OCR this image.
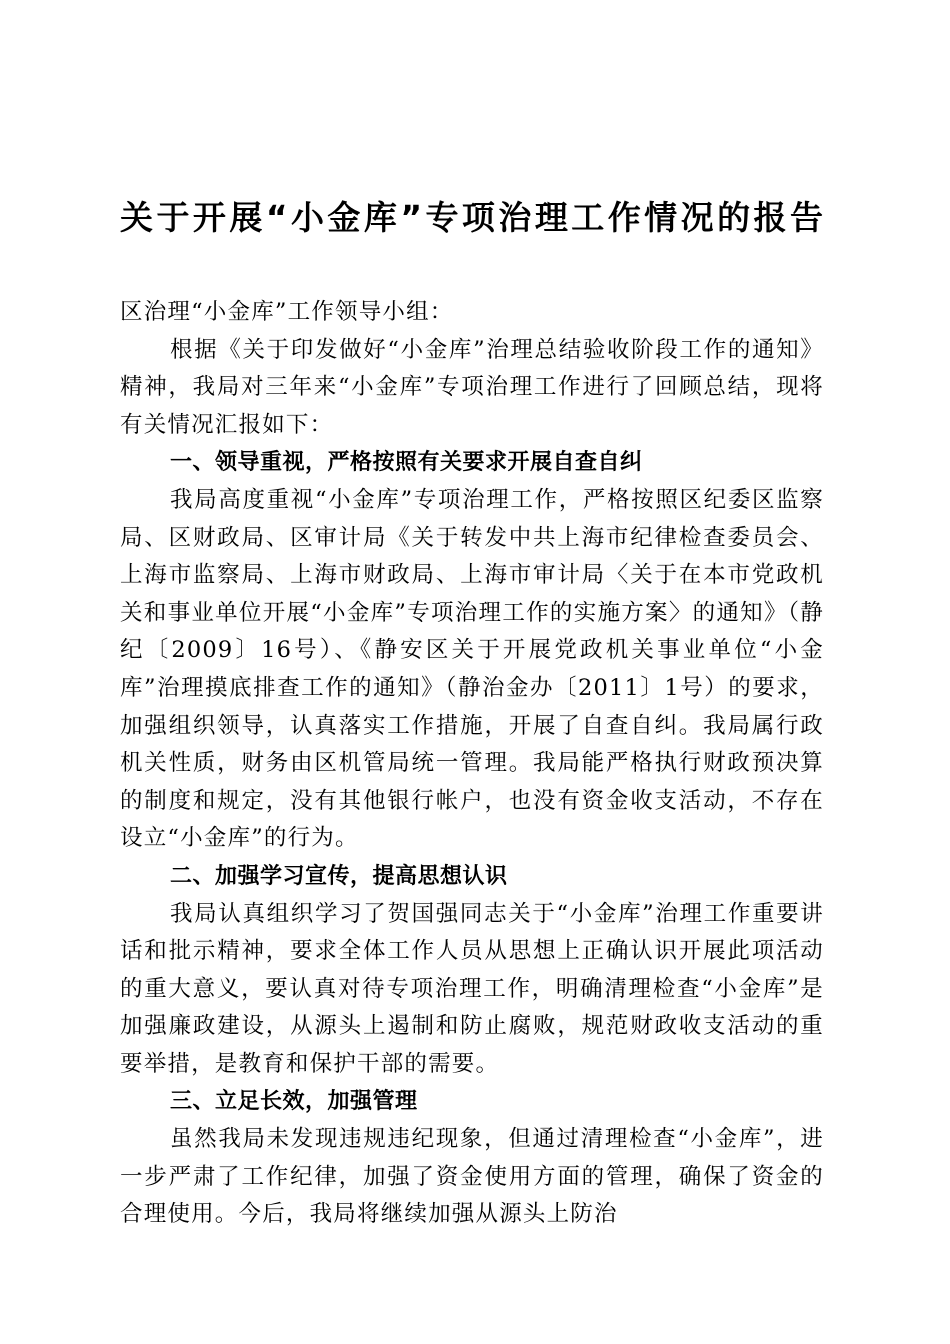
关于开展“小金库”专项治理工作情况的报告

区治理“小金库”工作领导小组：

根据《关于印发做好“小金库”治理总结验收阶段工作的通知》精神，我局对三年来“小金库”专项治理工作进行了回顾总结，现将有关情况汇报如下：

一、领导重视，严格按照有关要求开展自查自纠

我局高度重视“小金库”专项治理工作，严格按照区纪委区监察局、区财政局、区审计局《关于转发中共上海市纪律检查委员会、上海市监察局、上海市财政局、上海市审计局〈关于在本市党政机关和事业单位开展“小金库”专项治理工作的实施方案〉的通知》（静纪〔2009〕16号）、《静安区关于开展党政机关事业单位“小金库”治理摸底排查工作的通知》（静治金办〔2011〕1号）的要求，加强组织领导，认真落实工作措施，开展了自查自纠。我局属行政机关性质，财务由区机管局统一管理。我局能严格执行财政预决算的制度和规定，没有其他银行帐户，也没有资金收支活动，不存在设立“小金库”的行为。

二、加强学习宣传，提高思想认识

我局认真组织学习了贺国强同志关于“小金库”治理工作重要讲话和批示精神，要求全体工作人员从思想上正确认识开展此项活动的重大意义，要认真对待专项治理工作，明确清理检查“小金库”是加强廉政建设，从源头上遏制和防止腐败，规范财政收支活动的重要举措，是教育和保护干部的需要。

三、立足长效，加强管理

虽然我局未发现违规违纪现象，但通过清理检查“小金库”，进一步严肃了工作纪律，加强了资金使用方面的管理，确保了资金的合理使用。今后，我局将继续加强从源头上防治
